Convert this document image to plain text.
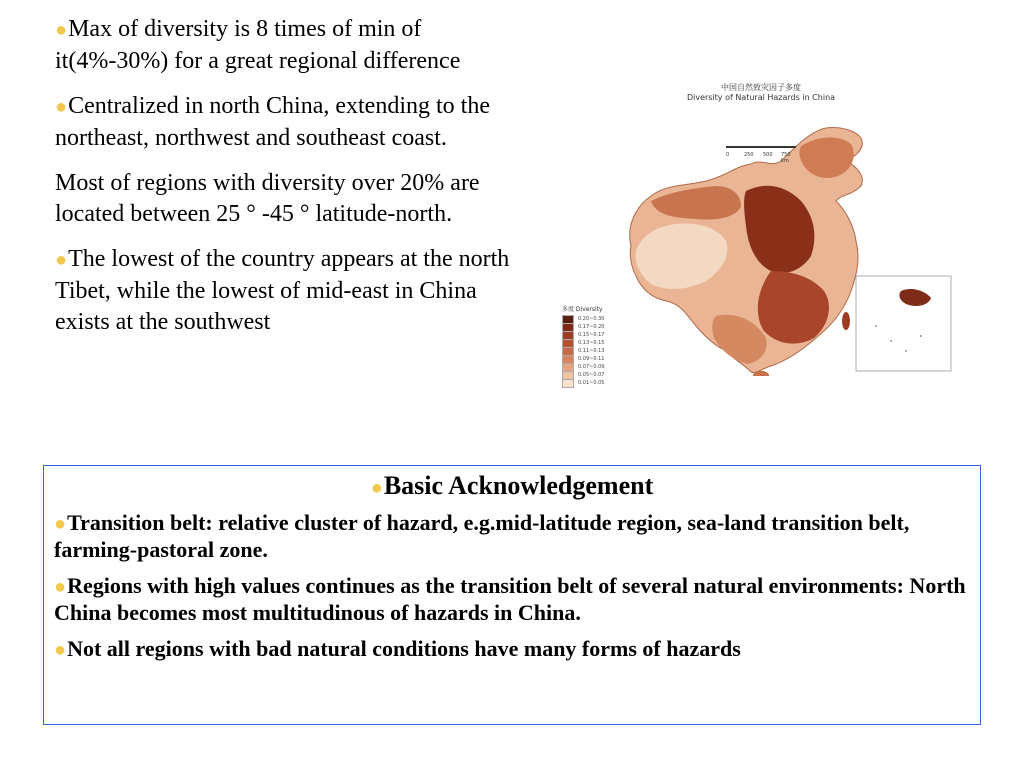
●Max of diversity is 8 times of min of it(4%-30%) for a great regional difference

●Centralized in north China, extending to the northeast, northwest and southeast coast.

Most of regions with diversity over 20% are located between 25 ° -45 ° latitude-north.

●The lowest of the country appears at the north Tibet, while the lowest of mid-east in China exists at the southwest

中国自然致灾因子多度
Diversity of Natural Hazards in China
0	250 500 750 km
多度 Diversity
0.20~0.30
0.17~0.20
0.15~0.17
0.13~0.15
0.11~0.13
0.09~0.11
0.07~0.09
0.05~0.07
0.01~0.05
●Basic Acknowledgement

●Transition belt: relative cluster of hazard, e.g.mid-latitude region, sea-land transition belt, farming-pastoral zone.

●Regions with high values continues as the transition belt of several natural environments: North China becomes most multitudinous of hazards in China.

●Not all regions with bad natural conditions have many forms of hazards
